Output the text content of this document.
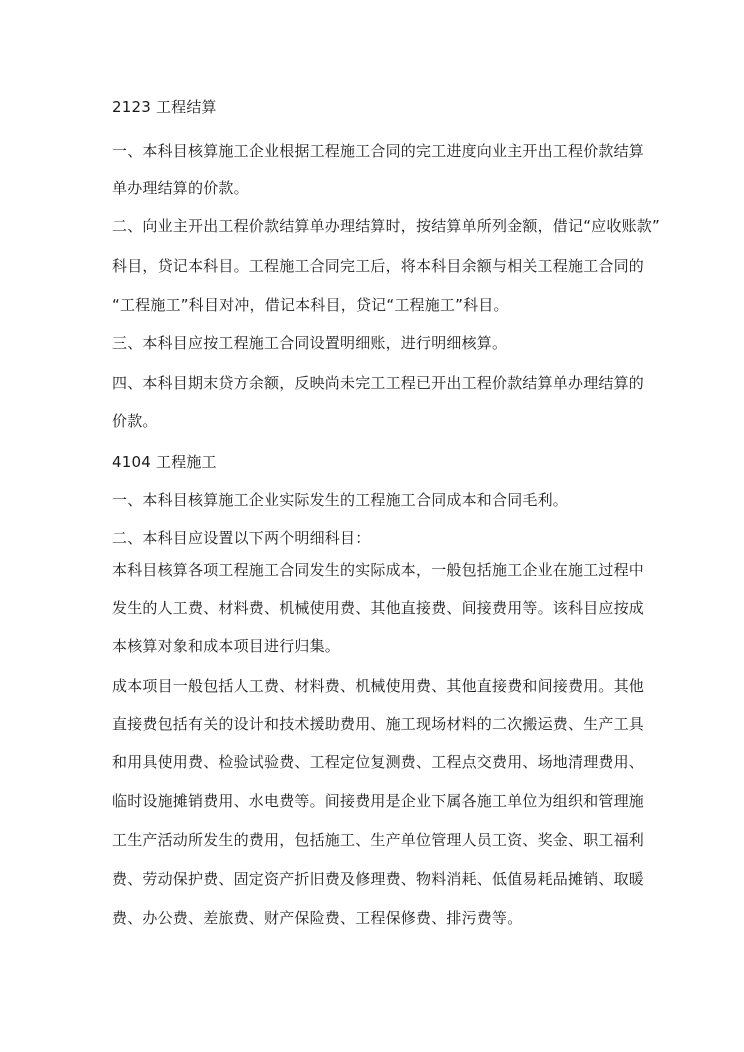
2123 工程结算
一、本科目核算施工企业根据工程施工合同的完工进度向业主开出工程价款结算
单办理结算的价款。
二、向业主开出工程价款结算单办理结算时，按结算单所列金额，借记“应收账款”
科目，贷记本科目。工程施工合同完工后，将本科目余额与相关工程施工合同的
“工程施工”科目对冲，借记本科目，贷记“工程施工”科目。
三、本科目应按工程施工合同设置明细账，进行明细核算。
四、本科目期末贷方余额，反映尚未完工工程已开出工程价款结算单办理结算的
价款。
4104 工程施工
一、本科目核算施工企业实际发生的工程施工合同成本和合同毛利。
二、本科目应设置以下两个明细科目：
本科目核算各项工程施工合同发生的实际成本，一般包括施工企业在施工过程中
发生的人工费、材料费、机械使用费、其他直接费、间接费用等。该科目应按成
本核算对象和成本项目进行归集。
成本项目一般包括人工费、材料费、机械使用费、其他直接费和间接费用。其他
直接费包括有关的设计和技术援助费用、施工现场材料的二次搬运费、生产工具
和用具使用费、检验试验费、工程定位复测费、工程点交费用、场地清理费用、
临时设施摊销费用、水电费等。间接费用是企业下属各施工单位为组织和管理施
工生产活动所发生的费用，包括施工、生产单位管理人员工资、奖金、职工福利
费、劳动保护费、固定资产折旧费及修理费、物料消耗、低值易耗品摊销、取暖
费、办公费、差旅费、财产保险费、工程保修费、排污费等。
